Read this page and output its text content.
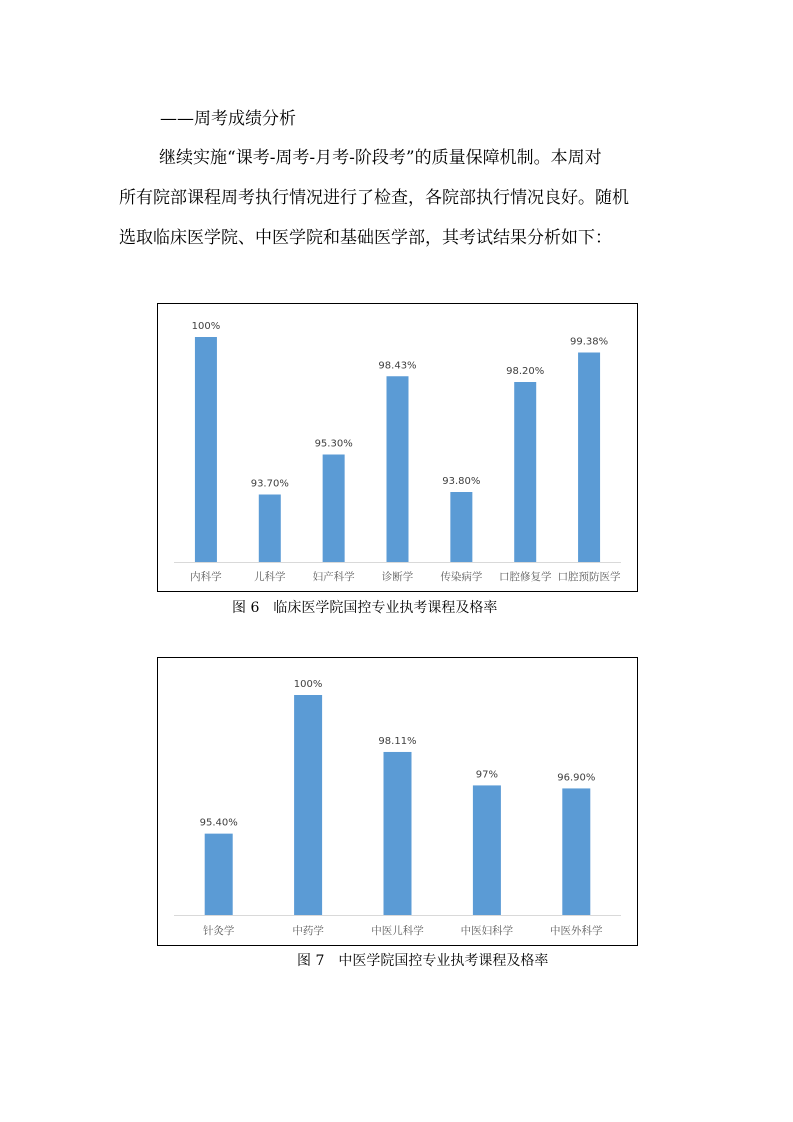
——周考成绩分析

继续实施“课考-周考-月考-阶段考”的质量保障机制。本周对

所有院部课程周考执行情况进行了检查，各院部执行情况良好。随机

选取临床医学院、中医学院和基础医学部，其考试结果分析如下：

100%
内科学
93.70%
儿科学
95.30%
妇产科学
98.43%
诊断学
93.80%
传染病学
98.20%
口腔修复学
99.38%
口腔预防医学
图 6　临床医学院国控专业执考课程及格率
95.40%
针灸学
100%
中药学
98.11%
中医儿科学
97%
中医妇科学
96.90%
中医外科学
图 7　中医学院国控专业执考课程及格率
